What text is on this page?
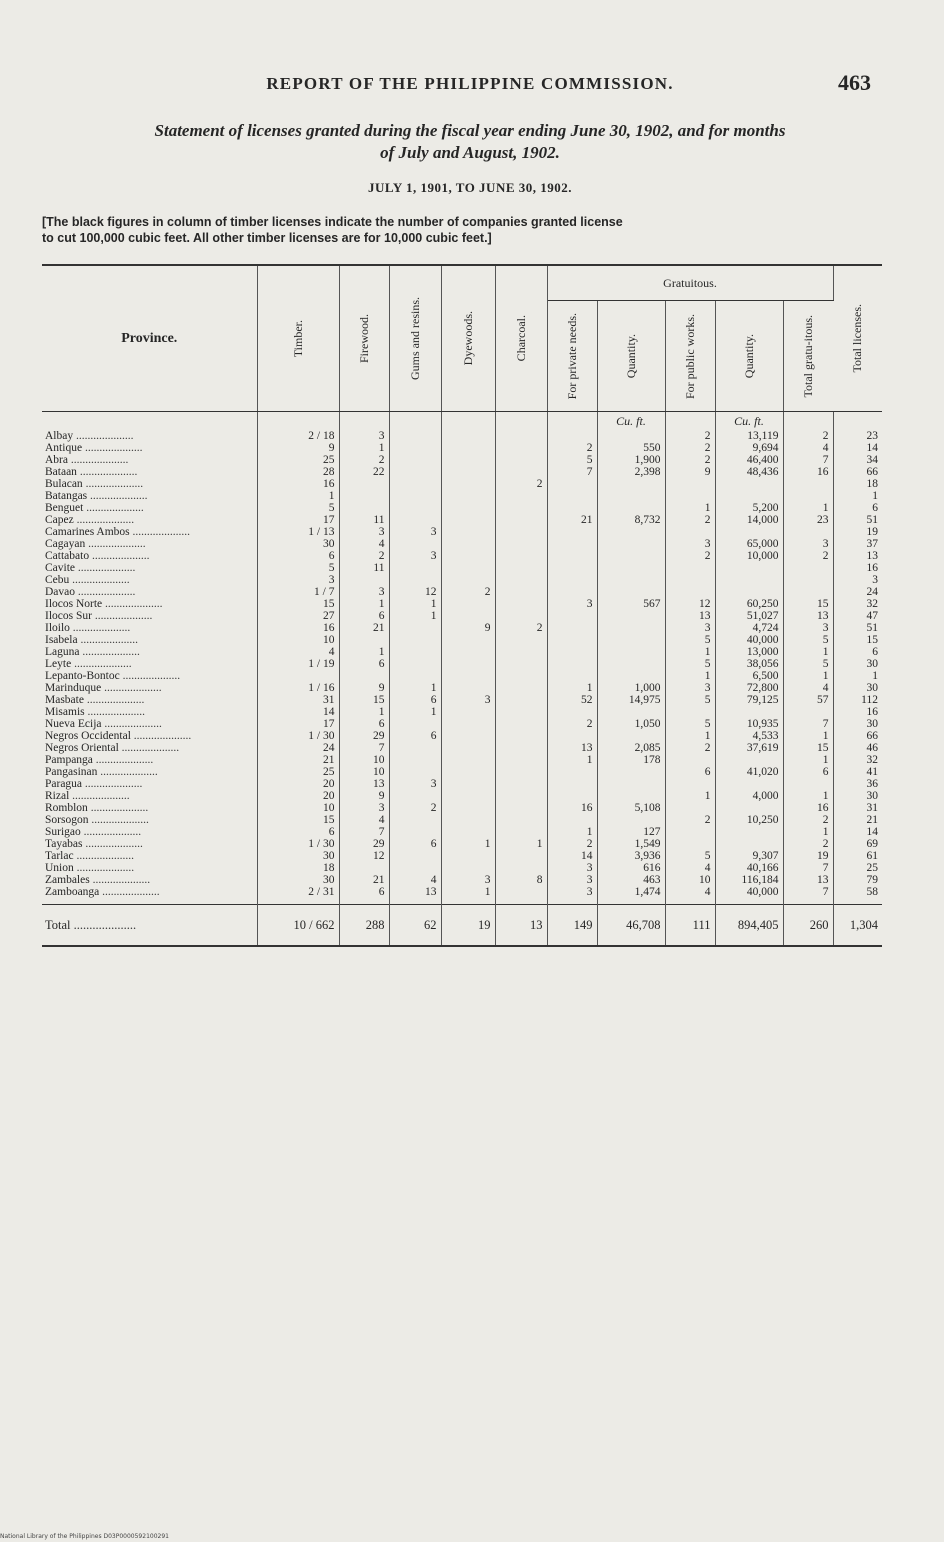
REPORT OF THE PHILIPPINE COMMISSION.	463
Statement of licenses granted during the fiscal year ending June 30, 1902, and for months
of July and August, 1902.
JULY 1, 1901, TO JUNE 30, 1902.
[The black figures in column of timber licenses indicate the number of companies granted license
to cut 100,000 cubic feet. All other timber licenses are for 10,000 cubic feet.]
Province.	Timber.	Firewood.	Gums and resins.	Dyewoods.	Charcoal.	Gratuitous.					Total licenses.

						For private needs.	Quantity.	For public works.	Quantity.	Total gratu-itous.	

							Cu. ft.		Cu. ft.		
Albay ....................	2 / 18	3						2	13,119	2	23
Antique ....................	9	1				2	550	2	9,694	4	14
Abra ....................	25	2				5	1,900	2	46,400	7	34
Bataan ....................	28	22				7	2,398	9	48,436	16	66
Bulacan ....................	16				2						18
Batangas ....................	1										1
Benguet ....................	5							1	5,200	1	6
Capez ....................	17	11				21	8,732	2	14,000	23	51
Camarines Ambos ....................	1 / 13	3	3								19
Cagayan ....................	30	4						3	65,000	3	37
Cattabato ....................	6	2	3					2	10,000	2	13
Cavite ....................	5	11									16
Cebu ....................	3										3
Davao ....................	1 / 7	3	12	2							24
Ilocos Norte ....................	15	1	1			3	567	12	60,250	15	32
Ilocos Sur ....................	27	6	1					13	51,027	13	47
Iloilo ....................	16	21		9	2			3	4,724	3	51
Isabela ....................	10							5	40,000	5	15
Laguna ....................	4	1						1	13,000	1	6
Leyte ....................	1 / 19	6						5	38,056	5	30
Lepanto-Bontoc ....................								1	6,500	1	1
Marinduque ....................	1 / 16	9	1			1	1,000	3	72,800	4	30
Masbate ....................	31	15	6	3		52	14,975	5	79,125	57	112
Misamis ....................	14	1	1								16
Nueva Ecija ....................	17	6				2	1,050	5	10,935	7	30
Negros Occidental ....................	1 / 30	29	6					1	4,533	1	66
Negros Oriental ....................	24	7				13	2,085	2	37,619	15	46
Pampanga ....................	21	10				1	178			1	32
Pangasinan ....................	25	10						6	41,020	6	41
Paragua ....................	20	13	3								36
Rizal ....................	20	9						1	4,000	1	30
Romblon ....................	10	3	2			16	5,108			16	31
Sorsogon ....................	15	4						2	10,250	2	21
Surigao ....................	6	7				1	127			1	14
Tayabas ....................	1 / 30	29	6	1	1	2	1,549			2	69
Tarlac ....................	30	12				14	3,936	5	9,307	19	61
Union ....................	18					3	616	4	40,166	7	25
Zambales ....................	30	21	4	3	8	3	463	10	116,184	13	79
Zamboanga ....................	2 / 31	6	13	1		3	1,474	4	40,000	7	58

Total ....................	10 / 662	288	62	19	13	149	46,708	111	894,405	260	1,304
National Library of the Philippines D03P0000592100291
